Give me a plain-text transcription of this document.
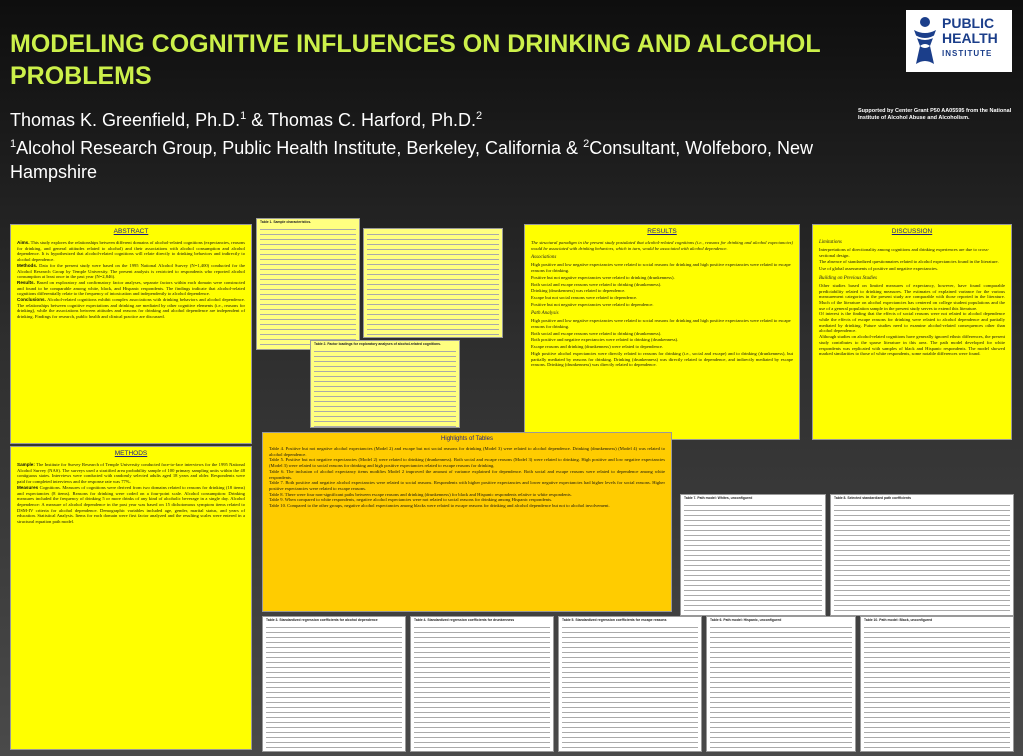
MODELING COGNITIVE INFLUENCES ON DRINKING AND ALCOHOL PROBLEMS

Thomas K. Greenfield, Ph.D.$^1$ & Thomas C. Harford, Ph.D.$^2$
$^1$Alcohol Research Group, Public Health Institute, Berkeley, California & $^2$Consultant, Wolfeboro, New Hampshire

PUBLIC
HEALTH
INSTITUTE
Supported by Center Grant P50 AA05595 from the National Institute of Alcohol Abuse and Alcoholism.
ABSTRACT

Aims. This study explores the relationships between different domains of alcohol-related cognitions (expectancies, reasons for drinking, and general attitudes related to alcohol) and their associations with alcohol consumption and alcohol dependence. It is hypothesized that alcohol-related cognitions will relate directly to drinking behaviors and indirectly to alcohol dependence.

Methods. Data for the present study were based on the 1995 National Alcohol Survey (N=1,400) conducted for the Alcohol Research Group by Temple University. The present analysis is restricted to respondents who reported alcohol consumption at least once in the past year (N=2,846).

Results. Based on exploratory and confirmatory factor analyses, separate factors within each domain were constructed and found to be comparable among white, black, and Hispanic respondents. The findings indicate that alcohol-related cognitions differentially relate to the frequency of intoxication and independently to alcohol dependence.

Conclusions. Alcohol-related cognitions exhibit complex associations with drinking behaviors and alcohol dependence. The relationships between cognitive expectations and drinking are mediated by other cognitive elements (i.e., reasons for drinking), while the associations between attitudes and reasons for drinking and alcohol dependence are independent of drinking. Findings for research, public health and clinical practice are discussed.

METHODS

Sample: The Institute for Survey Research of Temple University conducted face-to-face interviews for the 1995 National Alcohol Survey (NAS). The surveys used a stratified area probability sample of 100 primary sampling units within the 48 contiguous states. Interviews were conducted with randomly selected adults aged 18 years and older. Respondents were paid for completed interviews and the response rate was 77%.

Measures Cognitions. Measures of cognitions were derived from two domains related to reasons for drinking (18 items) and expectancies (8 items). Reasons for drinking were coded on a four-point scale. Alcohol consumption: Drinking measures included the frequency of drinking 5 or more drinks of any kind of alcoholic beverage in a single day. Alcohol dependence: A measure of alcohol dependence in the past year was based on 15 dichotomous symptom items related to DSM-IV criteria for alcohol dependence. Demographic variables included age, gender, marital status, and years of education. Statistical Analysis. Items for each domain were first factor analyzed and the resulting scales were entered in a structural equation path model.

Table 1. Sample characteristics.
Table 2. Factor loadings for exploratory analyses of alcohol-related cognitions.
RESULTS

The structural paradigm in the present study postulated that alcohol-related cognitions (i.e., reasons for drinking and alcohol expectancies) would be associated with drinking behaviors, which in turn, would be associated with alcohol dependence.

Associations
High positive and low negative expectancies were related to social reasons for drinking and high positive expectancies were related to escape reasons for drinking.
Positive but not negative expectancies were related to drinking (drunkenness).
Both social and escape reasons were related to drinking (drunkenness).
Drinking (drunkenness) was related to dependence.
Escape but not social reasons were related to dependence.
Positive but not negative expectancies were related to dependence.
Path Analysis
High positive and low negative expectancies were related to social reasons for drinking and high positive expectancies were related to escape reasons for drinking.
Both social and escape reasons were related to drinking (drunkenness).
Both positive and negative expectancies were related to drinking (drunkenness).
Escape reasons and drinking (drunkenness) were related to dependence.

High positive alcohol expectancies were directly related to reasons for drinking (i.e., social and escape) and to drinking (drunkenness), but partially mediated by reasons for drinking. Drinking (drunkenness) was directly related to dependence, and indirectly mediated by escape reasons. Drinking (drunkenness) was directly related to dependence.

DISCUSSION
Limitations
Interpretations of directionality among cognitions and drinking experiences are due to cross-sectional design.
The absence of standardized questionnaires related to alcohol expectancies found in the literature.
Use of global assessments of positive and negative expectancies.
Building on Previous Studies

Other studies based on limited measures of expectancy, however, have found comparable predictability related to drinking measures. The estimates of explained variance for the various measurement categories in the present study are comparable with those reported in the literature. Much of the literature on alcohol expectancies has centered on college student populations and the use of a general population sample in the present study serves to extend this literature.

Of interest is the finding that the effects of social reasons were not related to alcohol dependence while the effects of escape reasons for drinking were related to alcohol dependence and partially mediated by drinking. Future studies need to examine alcohol-related consequences other than alcohol dependence.

Although studies on alcohol-related cognitions have generally ignored ethnic differences, the present study contributes to the sparse literature in this area. The path model developed for white respondents was replicated with samples of black and Hispanic respondents. The model showed marked similarities to those of white respondents, some notable differences were found.

Highlights of Tables

Table 4. Positive but not negative alcohol expectancies (Model 2) and escape but not social reasons for drinking (Model 3) were related to alcohol dependence. Drinking (drunkenness) (Model 4) was related to alcohol dependence.

Table 5. Positive but not negative expectancies (Model 2) were related to drinking (drunkenness). Both social and escape reasons (Model 3) were related to drinking. High positive and low negative expectancies (Model 3) were related to social reasons for drinking and high positive expectancies related to escape reasons for drinking.

Table 6. The inclusion of alcohol expectancy items modifies Model 2 improved the amount of variance explained for dependence. Both social and escape reasons were related to dependence among white respondents.

Table 7. Both positive and negative alcohol expectancies were related to social reasons. Respondents with higher positive expectancies and lower negative expectancies had higher levels for social reasons. Higher positive expectancies were related to escape reasons.

Table 8. There were four non-significant paths between escape reasons and drinking (drunkenness) for black and Hispanic respondents relative to white respondents.

Table 9. When compared to white respondents, negative alcohol expectancies were not related to social reasons for drinking among Hispanic respondents.

Table 10. Compared to the other groups, negative alcohol expectancies among blacks were related to escape reasons for drinking and alcohol dependence but not to alcohol involvement.

Table 7. Path model: Whites, unconfigured	Table 8. Selected standardized path coefficients
Table 3. Standardized regression coefficients for alcohol dependence	Table 4. Standardized regression coefficients for drunkenness	Table 5. Standardized regression coefficients for escape reasons	Table 6. Path model: Hispanic, unconfigured	Table 10. Path model: Black, unconfigured
